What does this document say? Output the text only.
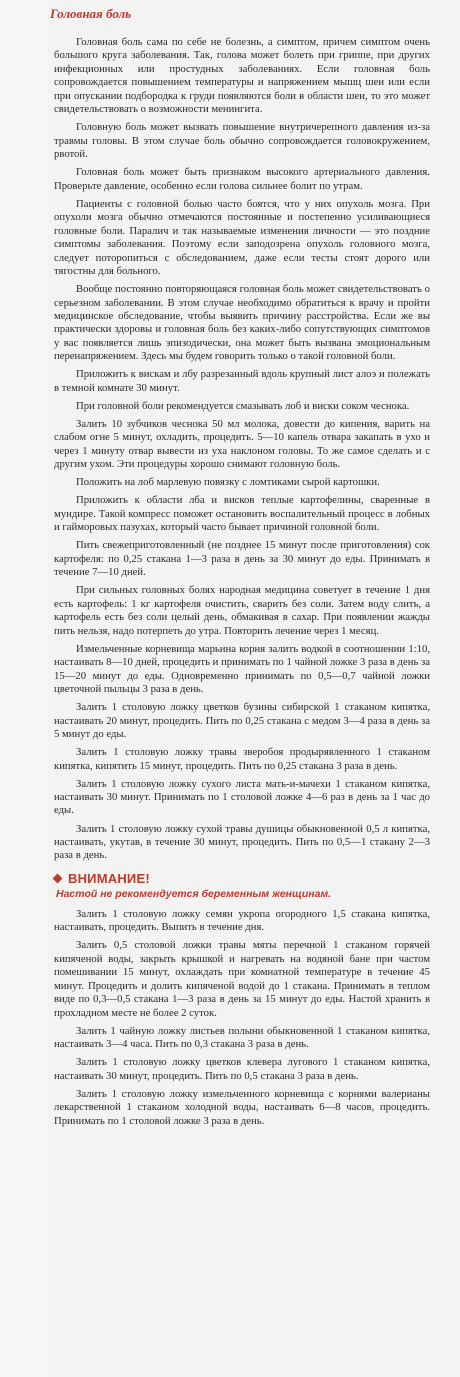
Головная боль

Головная боль сама по себе не болезнь, а симптом, причем симптом очень большого круга заболевания. Так, голова может болеть при гриппе, при других инфекционных или простудных заболеваниях. Если головная боль сопровождается повышением температуры и напряжением мышц шеи или если при опускании подбородка к груди появляются боли в области шеи, то это может свидетельствовать о возможности менингита.

Головную боль может вызвать повышение внутричерепного давления из-за травмы головы. В этом случае боль обычно сопровождается головокружением, рвотой.

Головная боль может быть признаком высокого артериального давления. Проверьте давление, особенно если голова сильнее болит по утрам.

Пациенты с головной болью часто боятся, что у них опухоль мозга. При опухоли мозга обычно отмечаются постоянные и постепенно усиливающиеся головные боли. Паралич и так называемые изменения личности — это поздние симптомы заболевания. Поэтому если заподозрена опухоль головного мозга, следует поторопиться с обследованием, даже если тесты стоят дорого или тягостны для больного.

Вообще постоянно повторяющаяся головная боль может свидетельствовать о серьезном заболевании. В этом случае необходимо обратиться к врачу и пройти медицинское обследование, чтобы выявить причину расстройства. Если же вы практически здоровы и головная боль без каких-либо сопутствующих симптомов у вас появляется лишь эпизодически, она может быть вызвана эмоциональным перенапряжением. Здесь мы будем говорить только о такой головной боли.

Приложить к вискам и лбу разрезанный вдоль крупный лист алоэ и полежать в темной комнате 30 минут.

При головной боли рекомендуется смазывать лоб и виски соком чеснока.

Залить 10 зубчиков чеснока 50 мл молока, довести до кипения, варить на слабом огне 5 минут, охладить, процедить. 5—10 капель отвара закапать в ухо и через 1 минуту отвар вывести из уха наклоном головы. То же самое сделать и с другим ухом. Эти процедуры хорошо снимают головную боль.

Положить на лоб марлевую повязку с ломтиками сырой картошки.

Приложить к области лба и висков теплые картофелины, сваренные в мундире. Такой компресс поможет остановить воспалительный процесс в лобных и гайморовых пазухах, который часто бывает причиной головной боли.

Пить свежеприготовленный (не позднее 15 минут после приготовления) сок картофеля: по 0,25 стакана 1—3 раза в день за 30 минут до еды. Принимать в течение 7—10 дней.

При сильных головных болях народная медицина советует в течение 1 дня есть картофель: 1 кг картофеля очистить, сварить без соли. Затем воду слить, а картофель есть без соли целый день, обмакивая в сахар. При появлении жажды пить нельзя, надо потерпеть до утра. Повторить лечение через 1 месяц.

Измельченные корневища марьина корня залить водкой в соотношении 1:10, настаивать 8—10 дней, процедить и принимать по 1 чайной ложке 3 раза в день за 15—20 минут до еды. Одновременно принимать по 0,5—0,7 чайной ложки цветочной пыльцы 3 раза в день.

Залить 1 столовую ложку цветков бузины сибирской 1 стаканом кипятка, настаивать 20 минут, процедить. Пить по 0,25 стакана с медом 3—4 раза в день за 5 минут до еды.

Залить 1 столовую ложку травы зверобоя продырявленного 1 стаканом кипятка, кипятить 15 минут, процедить. Пить по 0,25 стакана 3 раза в день.

Залить 1 столовую ложку сухого листа мать-и-мачехи 1 стаканом кипятка, настаивать 30 минут. Принимать по 1 столовой ложке 4—6 раз в день за 1 час до еды.

Залить 1 столовую ложку сухой травы душицы обыкновенной 0,5 л кипятка, настаивать, укутав, в течение 30 минут, процедить. Пить по 0,5—1 стакану 2—3 раза в день.

ВНИМАНИЕ!
Настой не рекомендуется беременным женщинам.

Залить 1 столовую ложку семян укропа огородного 1,5 стакана кипятка, настаивать, процедить. Выпить в течение дня.

Залить 0,5 столовой ложки травы мяты перечной 1 стаканом горячей кипяченой воды, закрыть крышкой и нагревать на водяной бане при частом помешивании 15 минут, охлаждать при комнатной температуре в течение 45 минут. Процедить и долить кипяченой водой до 1 стакана. Принимать в теплом виде по 0,3—0,5 стакана 1—3 раза в день за 15 минут до еды. Настой хранить в прохладном месте не более 2 суток.

Залить 1 чайную ложку листьев полыни обыкновенной 1 стаканом кипятка, настаивать 3—4 часа. Пить по 0,3 стакана 3 раза в день.

Залить 1 столовую ложку цветков клевера лугового 1 стаканом кипятка, настаивать 30 минут, процедить. Пить по 0,5 стакана 3 раза в день.

Залить 1 столовую ложку измельченного корневища с корнями валерианы лекарственной 1 стаканом холодной воды, настаивать 6—8 часов, процедить. Принимать по 1 столовой ложке 3 раза в день.
